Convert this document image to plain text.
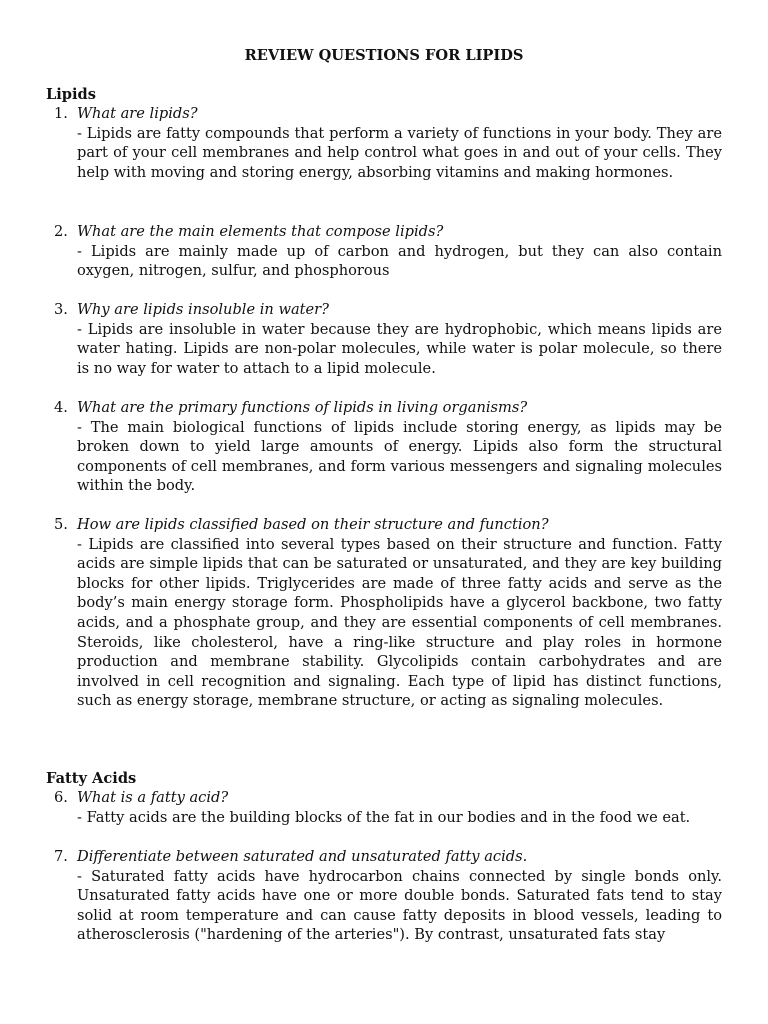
REVIEW QUESTIONS FOR LIPIDS
Lipids
1. What are lipids?
- Lipids are fatty compounds that perform a variety of functions in your body. They are part of your cell membranes and help control what goes in and out of your cells. They help with moving and storing energy, absorbing vitamins and making hormones.
2. What are the main elements that compose lipids?
- Lipids are mainly made up of carbon and hydrogen, but they can also contain oxygen, nitrogen, sulfur, and phosphorous
3. Why are lipids insoluble in water?
- Lipids are insoluble in water because they are hydrophobic, which means lipids are water hating. Lipids are non-polar molecules, while water is polar molecule, so there is no way for water to attach to a lipid molecule.
4. What are the primary functions of lipids in living organisms?
- The main biological functions of lipids include storing energy, as lipids may be broken down to yield large amounts of energy. Lipids also form the structural components of cell membranes, and form various messengers and signaling molecules within the body.
5. How are lipids classified based on their structure and function?
- Lipids are classified into several types based on their structure and function. Fatty acids are simple lipids that can be saturated or unsaturated, and they are key building blocks for other lipids. Triglycerides are made of three fatty acids and serve as the body’s main energy storage form. Phospholipids have a glycerol backbone, two fatty acids, and a phosphate group, and they are essential components of cell membranes. Steroids, like cholesterol, have a ring-like structure and play roles in hormone production and membrane stability. Glycolipids contain carbohydrates and are involved in cell recognition and signaling. Each type of lipid has distinct functions, such as energy storage, membrane structure, or acting as signaling molecules.
Fatty Acids
6. What is a fatty acid?
- Fatty acids are the building blocks of the fat in our bodies and in the food we eat.
7. Differentiate between saturated and unsaturated fatty acids.
- Saturated fatty acids have hydrocarbon chains connected by single bonds only. Unsaturated fatty acids have one or more double bonds. Saturated fats tend to stay solid at room temperature and can cause fatty deposits in blood vessels, leading to atherosclerosis ("hardening of the arteries"). By contrast, unsaturated fats stay
